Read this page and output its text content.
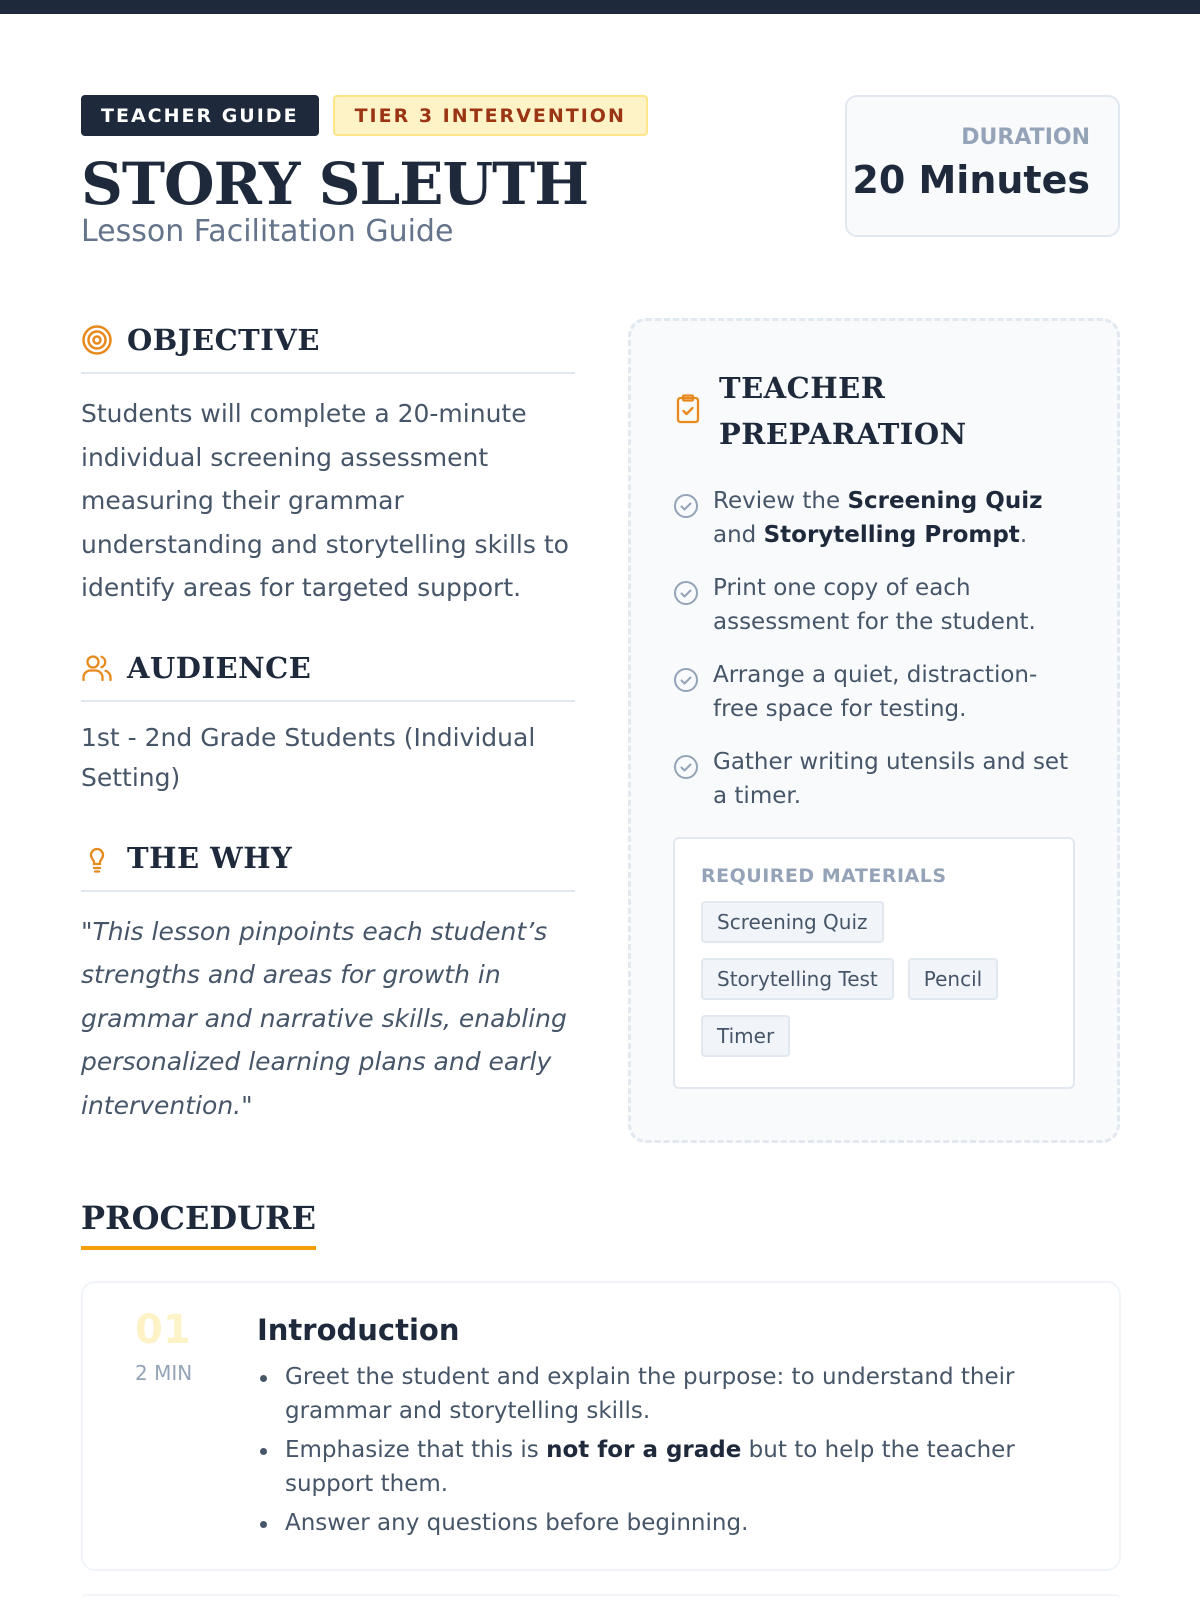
TEACHER GUIDE	TIER 3 INTERVENTION
STORY SLEUTH
Lesson Facilitation Guide
DURATION
20 Minutes
OBJECTIVE

Students will complete a 20-minute individual screening assessment measuring their grammar understanding and storytelling skills to identify areas for targeted support.

AUDIENCE

1st - 2nd Grade Students (Individual Setting)

THE WHY

"This lesson pinpoints each student’s strengths and areas for growth in grammar and narrative skills, enabling personalized learning plans and early intervention."

TEACHER
PREPARATION
Review the Screening Quiz and Storytelling Prompt.
Print one copy of each assessment for the student.
Arrange a quiet, distraction-free space for testing.
Gather writing utensils and set a timer.
REQUIRED MATERIALS
Screening Quiz
Storytelling Test	Pencil
Timer
PROCEDURE
01
2 MIN
Introduction
Greet the student and explain the purpose: to understand their grammar and storytelling skills.
Emphasize that this is not for a grade but to help the teacher support them.
Answer any questions before beginning.
